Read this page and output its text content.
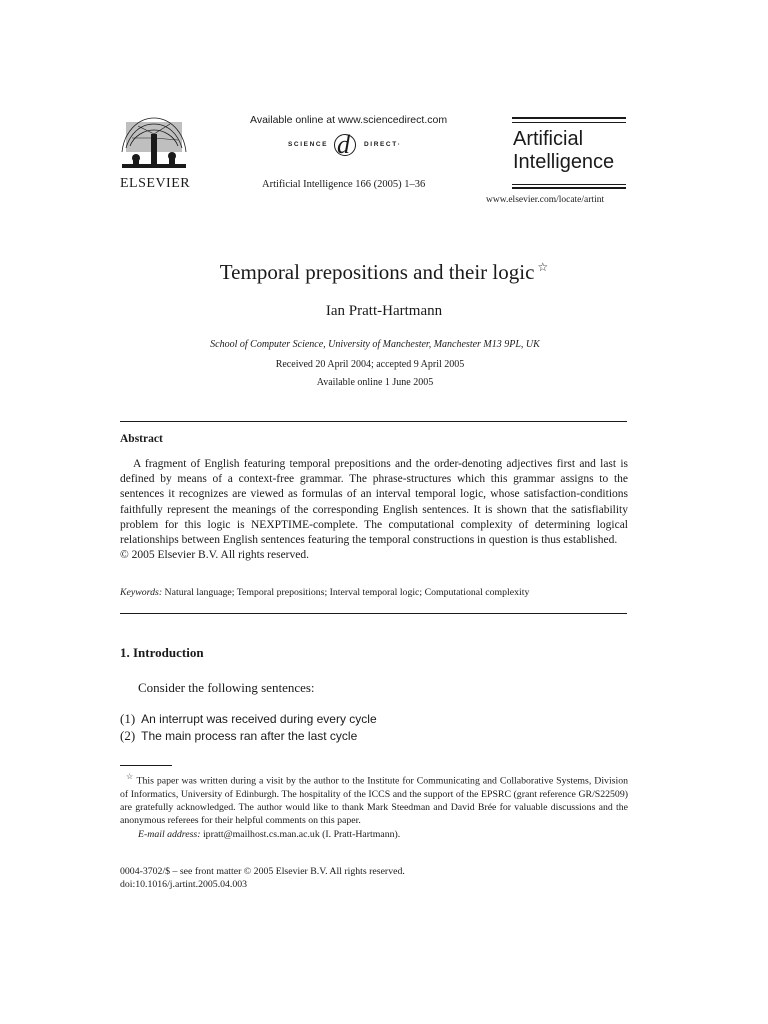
ELSEVIER
Available online at www.sciencedirect.com
SCIENCE d DIRECT·
Artificial Intelligence 166 (2005) 1–36
Artificial
Intelligence
www.elsevier.com/locate/artint
Temporal prepositions and their logic ☆
Ian Pratt-Hartmann
School of Computer Science, University of Manchester, Manchester M13 9PL, UK
Received 20 April 2004; accepted 9 April 2005
Available online 1 June 2005
Abstract

A fragment of English featuring temporal prepositions and the order-denoting adjectives first and last is defined by means of a context-free grammar. The phrase-structures which this grammar assigns to the sentences it recognizes are viewed as formulas of an interval temporal logic, whose satisfaction-conditions faithfully represent the meanings of the corresponding English sentences. It is shown that the satisfiability problem for this logic is NEXPTIME-complete. The computational complexity of determining logical relationships between English sentences featuring the temporal constructions in question is thus established.

© 2005 Elsevier B.V. All rights reserved.

Keywords: Natural language; Temporal prepositions; Interval temporal logic; Computational complexity
1. Introduction
Consider the following sentences:
(1) An interrupt was received during every cycle
(2) The main process ran after the last cycle

☆ This paper was written during a visit by the author to the Institute for Communicating and Collaborative Systems, Division of Informatics, University of Edinburgh. The hospitality of the ICCS and the support of the EPSRC (grant reference GR/S22509) are gratefully acknowledged. The author would like to thank Mark Steedman and David Brée for valuable discussions and the anonymous referees for their helpful comments on this paper.

E-mail address: ipratt@mailhost.cs.man.ac.uk (I. Pratt-Hartmann).

0004-3702/$ – see front matter © 2005 Elsevier B.V. All rights reserved.
doi:10.1016/j.artint.2005.04.003
